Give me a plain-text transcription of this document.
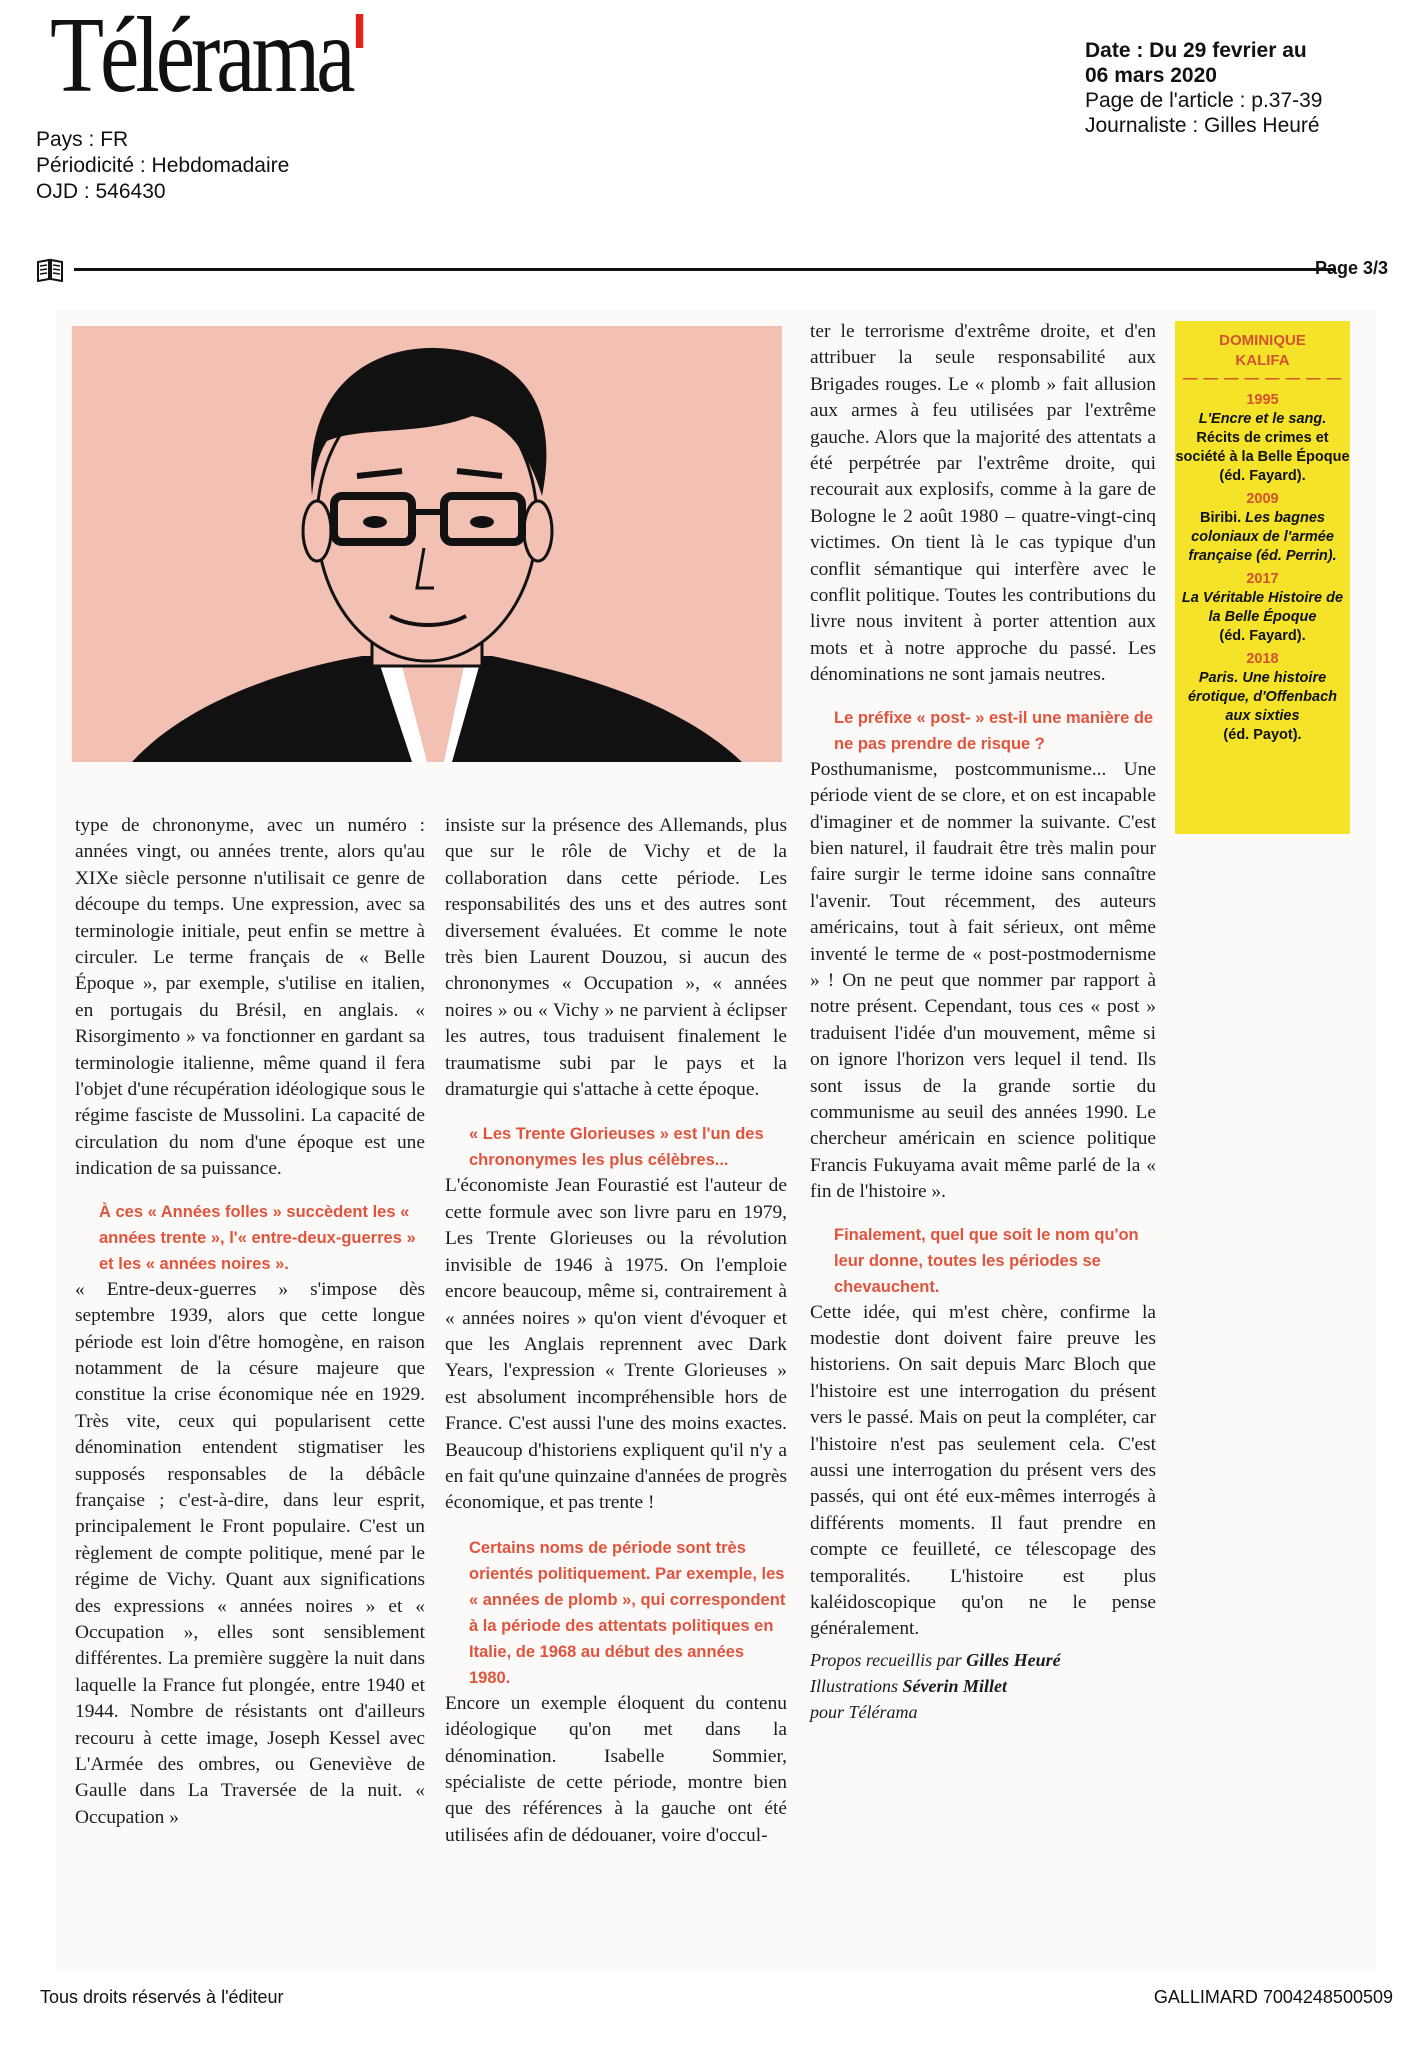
Télérama
Pays : FR
Périodicité : Hebdomadaire
OJD : 546430
Date : Du 29 fevrier au
06 mars 2020
Page de l'article : p.37-39
Journaliste : Gilles Heuré
Page 3/3

type de chrononyme, avec un numéro : années vingt, ou années trente, alors qu'au XIXe siècle personne n'utilisait ce genre de découpe du temps. Une expression, avec sa terminologie initiale, peut enfin se mettre à circuler. Le terme français de « Belle Époque », par exemple, s'utilise en italien, en portugais du Brésil, en anglais. « Risorgimento » va fonctionner en gardant sa terminologie italienne, même quand il fera l'objet d'une récupération idéologique sous le régime fasciste de Mussolini. La capacité de circulation du nom d'une époque est une indication de sa puissance.

À ces « Années folles » succèdent les « années trente », l'« entre-deux-guerres » et les « années noires ».

« Entre-deux-guerres » s'impose dès septembre 1939, alors que cette longue période est loin d'être homogène, en raison notamment de la césure majeure que constitue la crise économique née en 1929. Très vite, ceux qui popularisent cette dénomination entendent stigmatiser les supposés responsables de la débâcle française ; c'est-à-dire, dans leur esprit, principalement le Front populaire. C'est un règlement de compte politique, mené par le régime de Vichy. Quant aux significations des expressions « années noires » et « Occupation », elles sont sensiblement différentes. La première suggère la nuit dans laquelle la France fut plongée, entre 1940 et 1944. Nombre de résistants ont d'ailleurs recouru à cette image, Joseph Kessel avec L'Armée des ombres, ou Geneviève de Gaulle dans La Traversée de la nuit. « Occupation »

insiste sur la présence des Allemands, plus que sur le rôle de Vichy et de la collaboration dans cette période. Les responsabilités des uns et des autres sont diversement évaluées. Et comme le note très bien Laurent Douzou, si aucun des chrononymes « Occupation », « années noires » ou « Vichy » ne parvient à éclipser les autres, tous traduisent finalement le traumatisme subi par le pays et la dramaturgie qui s'attache à cette époque.

« Les Trente Glorieuses » est l'un des chrononymes les plus célèbres...

L'économiste Jean Fourastié est l'auteur de cette formule avec son livre paru en 1979, Les Trente Glorieuses ou la révolution invisible de 1946 à 1975. On l'emploie encore beaucoup, même si, contrairement à « années noires » qu'on vient d'évoquer et que les Anglais reprennent avec Dark Years, l'expression « Trente Glorieuses » est absolument incompréhensible hors de France. C'est aussi l'une des moins exactes. Beaucoup d'historiens expliquent qu'il n'y a en fait qu'une quinzaine d'années de progrès économique, et pas trente !

Certains noms de période sont très orientés politiquement. Par exemple, les « années de plomb », qui correspondent à la période des attentats politiques en Italie, de 1968 au début des années 1980.

Encore un exemple éloquent du contenu idéologique qu'on met dans la dénomination. Isabelle Sommier, spécialiste de cette période, montre bien que des références à la gauche ont été utilisées afin de dédouaner, voire d'occul-

ter le terrorisme d'extrême droite, et d'en attribuer la seule responsabilité aux Brigades rouges. Le « plomb » fait allusion aux armes à feu utilisées par l'extrême gauche. Alors que la majorité des attentats a été perpétrée par l'extrême droite, qui recourait aux explosifs, comme à la gare de Bologne le 2 août 1980 – quatre-vingt-cinq victimes. On tient là le cas typique d'un conflit sémantique qui interfère avec le conflit politique. Toutes les contributions du livre nous invitent à porter attention aux mots et à notre approche du passé. Les dénominations ne sont jamais neutres.

Le préfixe « post- » est-il une manière de ne pas prendre de risque ?

Posthumanisme, postcommunisme... Une période vient de se clore, et on est incapable d'imaginer et de nommer la suivante. C'est bien naturel, il faudrait être très malin pour faire surgir le terme idoine sans connaître l'avenir. Tout récemment, des auteurs américains, tout à fait sérieux, ont même inventé le terme de « post-postmodernisme » ! On ne peut que nommer par rapport à notre présent. Cependant, tous ces « post » traduisent l'idée d'un mouvement, même si on ignore l'horizon vers lequel il tend. Ils sont issus de la grande sortie du communisme au seuil des années 1990. Le chercheur américain en science politique Francis Fukuyama avait même parlé de la « fin de l'histoire ».

Finalement, quel que soit le nom qu'on leur donne, toutes les périodes se chevauchent.

Cette idée, qui m'est chère, confirme la modestie dont doivent faire preuve les historiens. On sait depuis Marc Bloch que l'histoire est une interrogation du présent vers le passé. Mais on peut la compléter, car l'histoire n'est pas seulement cela. C'est aussi une interrogation du présent vers des passés, qui ont été eux-mêmes interrogés à différents moments. Il faut prendre en compte ce feuilleté, ce télescopage des temporalités. L'histoire est plus kaléidoscopique qu'on ne le pense généralement.

Propos recueillis par Gilles Heuré
Illustrations Séverin Millet
pour Télérama
DOMINIQUE
KALIFA
— — — — — — — —
1995
L'Encre et le sang.
Récits de crimes et société à la Belle Époque (éd. Fayard).
2009
Biribi. Les bagnes coloniaux de l'armée française (éd. Perrin).
2017
La Véritable Histoire de la Belle Époque
(éd. Fayard).
2018
Paris. Une histoire érotique, d'Offenbach aux sixties
(éd. Payot).
Tous droits réservés à l'éditeur	GALLIMARD 7004248500509
